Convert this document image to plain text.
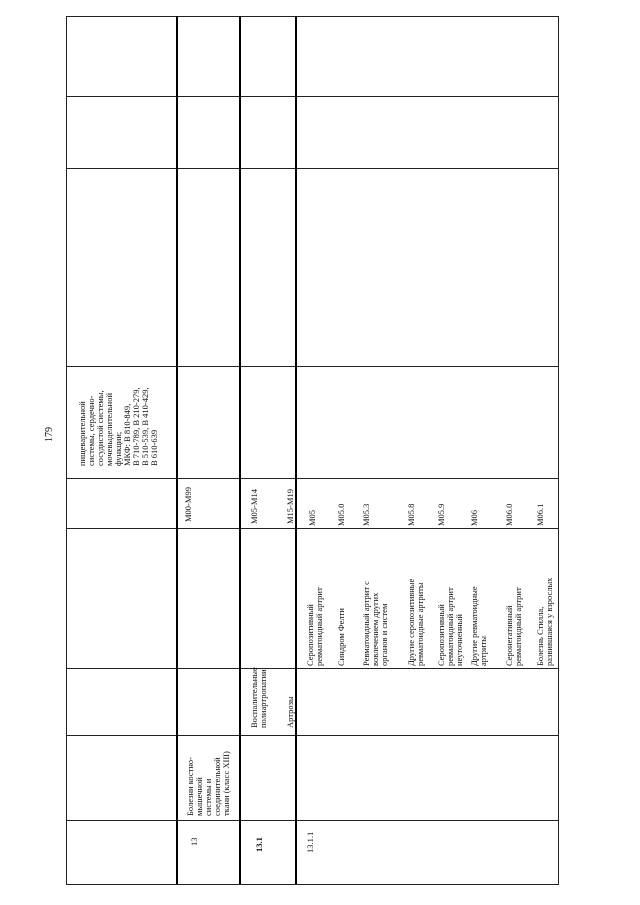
179	пищеварительной
системы, сердечно-
сосудистой системы,
мочевыделительной
функции;
МКФ: В 810-849,
В 710-789, В 210-279,
В 510-539, В 410-429,
В 610-639
13
Болезни костно-
мышечной
системы и
соединительной
ткани (класс XIII)
M00-M99
13.1
Воспалительные
полиартропатии
M05-M14
Артрозы
M15-M19
13.1.1
Серопозитивный
ревматоидный артрит
M05
Синдром Фелти
M05.0
Ревматоидный артрит с
вовлечением других
органов и систем
M05.3
Другие серопозитивные
ревматоидные артриты
M05.8
Серопозитивный
ревматоидный артрит
неуточненный
M05.9
Другие ревматоидные
артриты
M06
Серонегативный
ревматоидный артрит
M06.0
Болезнь Стилла,
развившаяся у взрослых
M06.1
